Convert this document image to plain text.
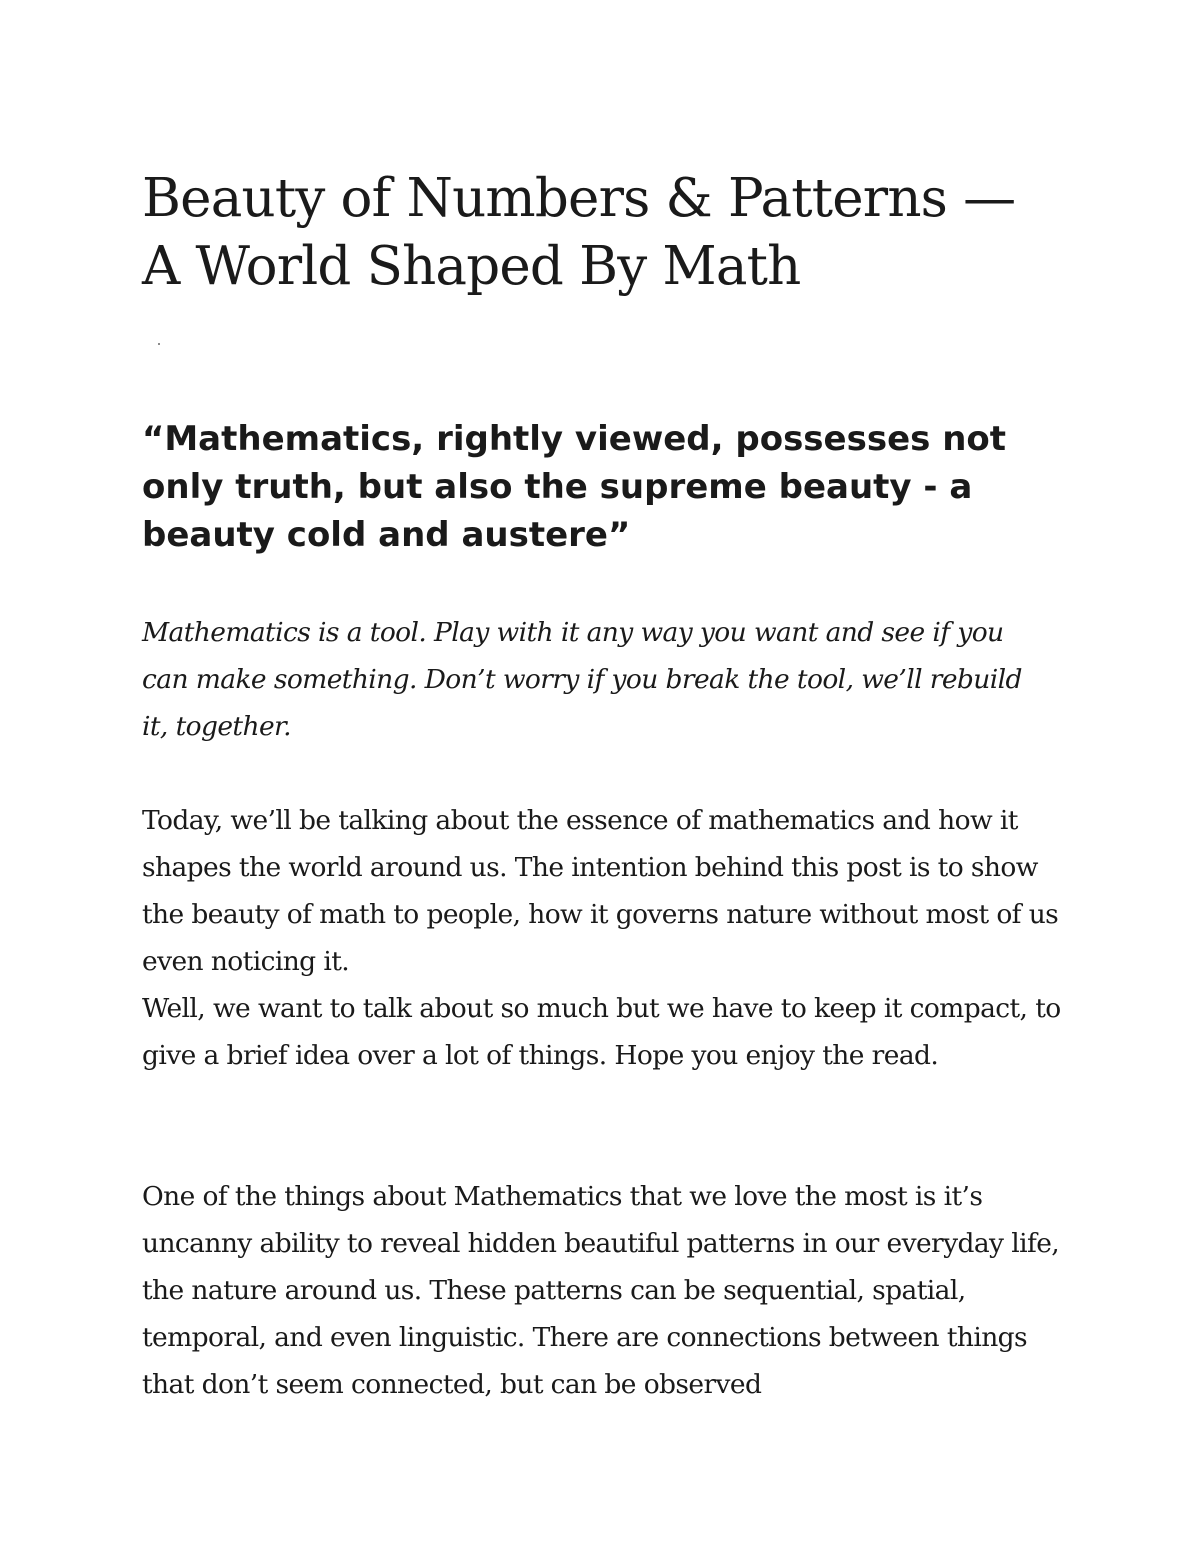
Beauty of Numbers & Patterns — A World Shaped By Math
“Mathematics, rightly viewed, possesses not only truth, but also the supreme beauty - a beauty cold and austere”

Mathematics is a tool. Play with it any way you want and see if you can make something. Don’t worry if you break the tool, we’ll rebuild it, together.

Today, we’ll be talking about the essence of mathematics and how it shapes the world around us. The intention behind this post is to show the beauty of math to people, how it governs nature without most of us even noticing it.

Well, we want to talk about so much but we have to keep it compact, to give a brief idea over a lot of things. Hope you enjoy the read.

One of the things about Mathematics that we love the most is it’s uncanny ability to reveal hidden beautiful patterns in our everyday life, the nature around us. These patterns can be sequential, spatial, temporal, and even linguistic. There are connections between things that don’t seem connected, but can be observed
